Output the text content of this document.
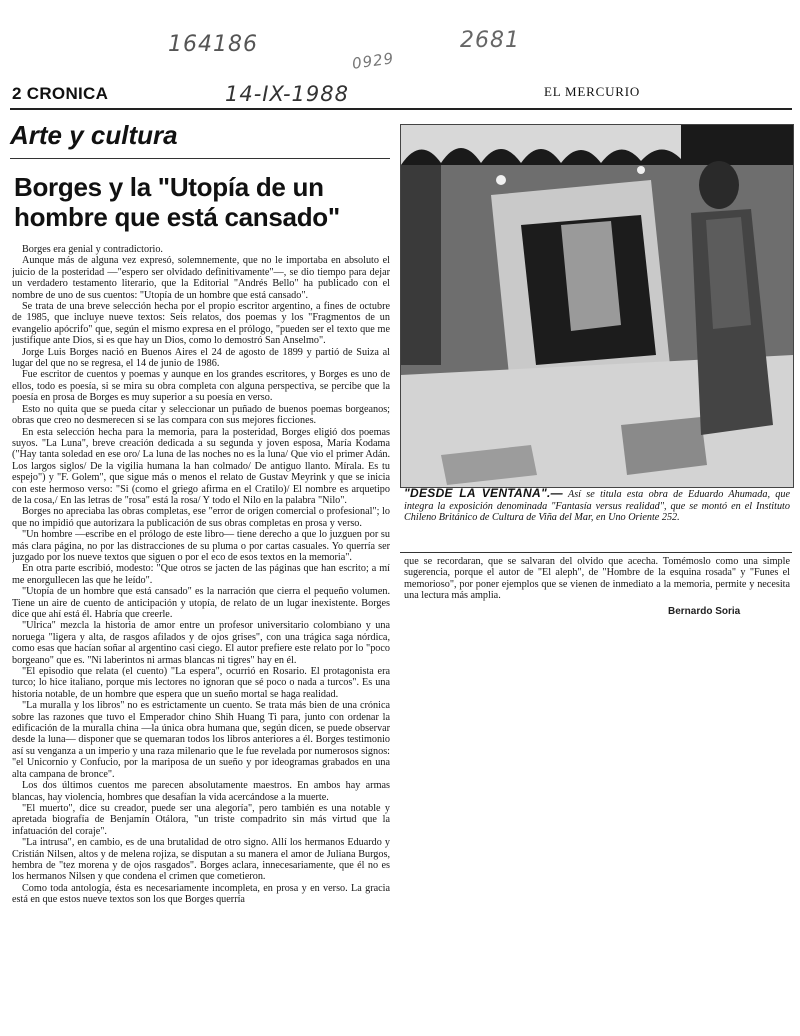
164186
0929
2681
14-IX-1988
2 CRONICA	EL MERCURIO
Arte y cultura
Borges y la "Utopía de un hombre que está cansado"

Borges era genial y contradictorio.

Aunque más de alguna vez expresó, solemnemente, que no le importaba en absoluto el juicio de la posteridad —"espero ser olvidado definitivamente"—, se dio tiempo para dejar un verdadero testamento literario, que la Editorial "Andrés Bello" ha publicado con el nombre de uno de sus cuentos: "Utopía de un hombre que está cansado".

Se trata de una breve selección hecha por el propio escritor argentino, a fines de octubre de 1985, que incluye nueve textos: Seis relatos, dos poemas y los "Fragmentos de un evangelio apócrifo" que, según el mismo expresa en el prólogo, "pueden ser el texto que me justifique ante Dios, si es que hay un Dios, como lo demostró San Anselmo".

Jorge Luis Borges nació en Buenos Aires el 24 de agosto de 1899 y partió de Suiza al lugar del que no se regresa, el 14 de junio de 1986.

Fue escritor de cuentos y poemas y aunque en los grandes escritores, y Borges es uno de ellos, todo es poesía, si se mira su obra completa con alguna perspectiva, se percibe que la poesía en prosa de Borges es muy superior a su poesía en verso.

Esto no quita que se pueda citar y seleccionar un puñado de buenos poemas borgeanos; obras que creo no desmerecen si se las compara con sus mejores ficciones.

En esta selección hecha para la memoria, para la posteridad, Borges eligió dos poemas suyos. "La Luna", breve creación dedicada a su segunda y joven esposa, María Kodama ("Hay tanta soledad en ese oro/ La luna de las noches no es la luna/ Que vio el primer Adán. Los largos siglos/ De la vigilia humana la han colmado/ De antiguo llanto. Mírala. Es tu espejo") y "F. Golem", que sigue más o menos el relato de Gustav Meyrink y que se inicia con este hermoso verso: "Si (como el griego afirma en el Cratilo)/ El nombre es arquetipo de la cosa,/ En las letras de "rosa" está la rosa/ Y todo el Nilo en la palabra "Nilo".

Borges no apreciaba las obras completas, ese "error de origen comercial o profesional"; lo que no impidió que autorizara la publicación de sus obras completas en prosa y verso.

"Un hombre —escribe en el prólogo de este libro— tiene derecho a que lo juzguen por su más clara página, no por las distracciones de su pluma o por cartas casuales. Yo querría ser juzgado por los nueve textos que siguen o por el eco de esos textos en la memoria".

En otra parte escribió, modesto: "Que otros se jacten de las páginas que han escrito; a mí me enorgullecen las que he leído".

"Utopía de un hombre que está cansado" es la narración que cierra el pequeño volumen. Tiene un aire de cuento de anticipación y utopía, de relato de un lugar inexistente. Borges dice que ahí está él. Habría que creerle.

"Ulrica" mezcla la historia de amor entre un profesor universitario colombiano y una noruega "ligera y alta, de rasgos afilados y de ojos grises", con una trágica saga nórdica, como esas que hacían soñar al argentino casi ciego. El autor prefiere este relato por lo "poco borgeano" que es. "Ni laberintos ni armas blancas ni tigres" hay en él.

"El episodio que relata (el cuento) "La espera", ocurrió en Rosario. El protagonista era turco; lo hice italiano, porque mis lectores no ignoran que sé poco o nada a turcos". Es una historia notable, de un hombre que espera que un sueño mortal se haga realidad.

"La muralla y los libros" no es estrictamente un cuento. Se trata más bien de una crónica sobre las razones que tuvo el Emperador chino Shih Huang Ti para, junto con ordenar la edificación de la muralla china —la única obra humana que, según dicen, se puede observar desde la luna— disponer que se quemaran todos los libros anteriores a él. Borges testimonio así su venganza a un imperio y una raza milenario que le fue revelada por numerosos signos: "el Unicornio y Confucio, por la mariposa de un sueño y por ideogramas grabados en una alta campana de bronce".

Los dos últimos cuentos me parecen absolutamente maestros. En ambos hay armas blancas, hay violencia, hombres que desafían la vida acercándose a la muerte.

"El muerto", dice su creador, puede ser una alegoría", pero también es una notable y apretada biografía de Benjamín Otálora, "un triste compadrito sin más virtud que la infatuación del coraje".

"La intrusa", en cambio, es de una brutalidad de otro signo. Allí los hermanos Eduardo y Cristián Nilsen, altos y de melena rojiza, se disputan a su manera el amor de Juliana Burgos, hembra de "tez morena y de ojos rasgados". Borges aclara, innecesariamente, que él no es los hermanos Nilsen y que condena el crimen que cometieron.

Como toda antología, ésta es necesariamente incompleta, en prosa y en verso. La gracia está en que estos nueve textos son los que Borges querría

"DESDE LA VENTANA".— Así se titula esta obra de Eduardo Ahumada, que integra la exposición denominada "Fantasía versus realidad", que se montó en el Instituto Chileno Británico de Cultura de Viña del Mar, en Uno Oriente 252.

que se recordaran, que se salvaran del olvido que acecha. Tomémoslo como una simple sugerencia, porque el autor de "El aleph", de "Hombre de la esquina rosada" y "Funes el memorioso", por poner ejemplos que se vienen de inmediato a la memoria, permite y necesita una lectura más amplia.

Bernardo Soria
